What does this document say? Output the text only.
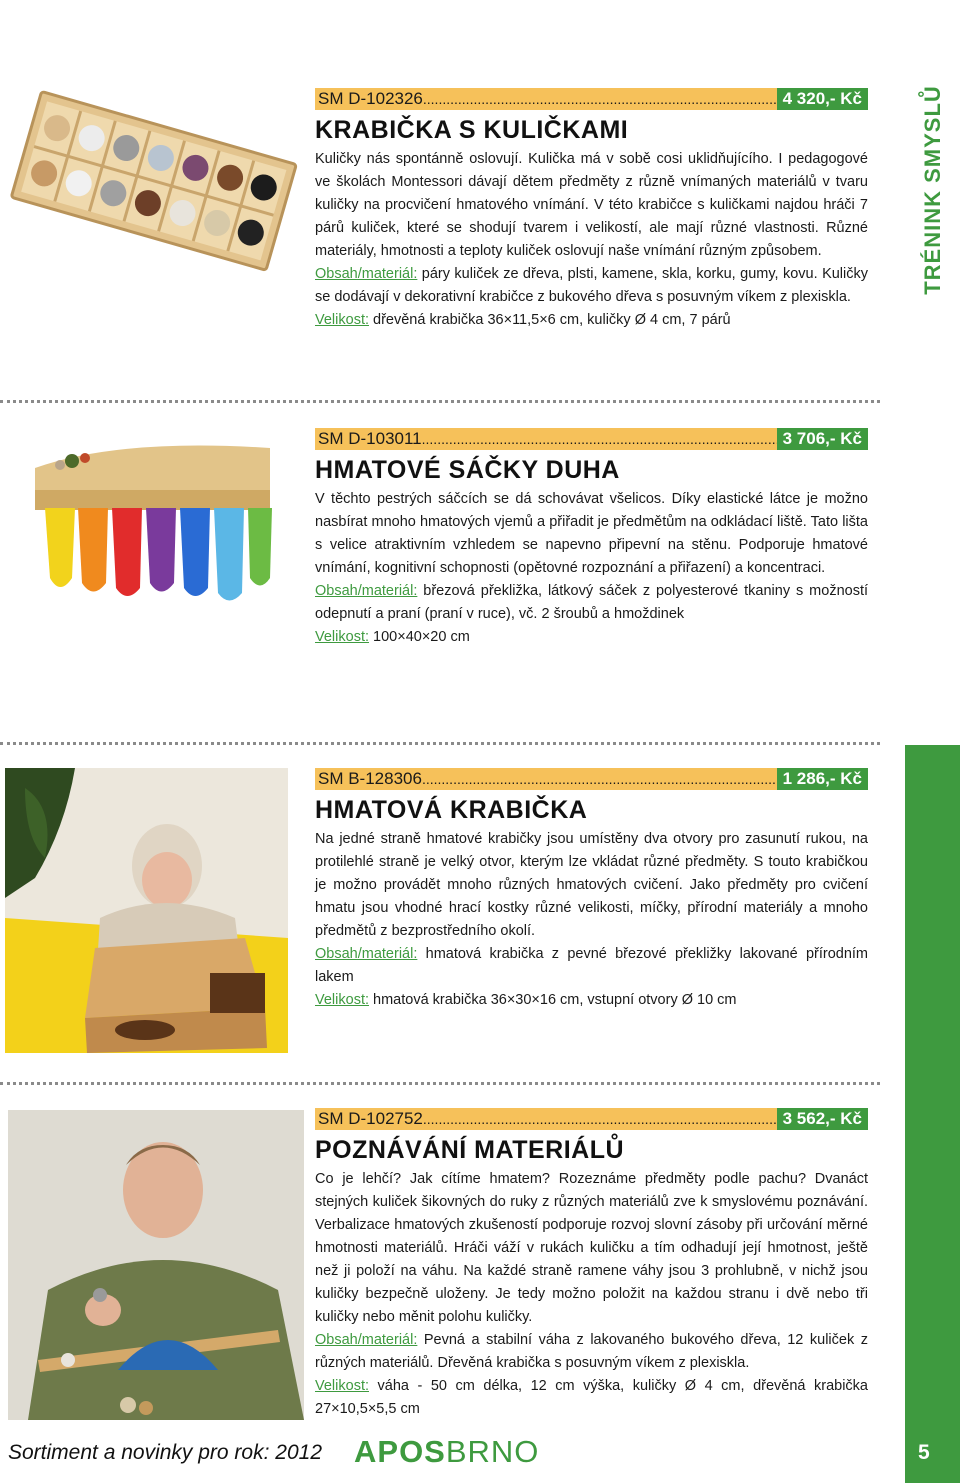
TRÉNINK SMYSLŮ
SM D-102326 .....	4 320,- Kč
KRABIČKA S KULIČKAMI
Kuličky nás spontánně oslovují. Kulička má v sobě cosi uklidňujícího. I pedagogové ve školách Montessori dávají dětem předměty z různě vnímaných materiálů v tvaru kuličky na procvičení hmatového vnímání. V této krabičce s kuličkami najdou hráči 7 párů kuliček, které se shodují tvarem i velikostí, ale mají různé vlastnosti. Různé materiály, hmotnosti a teploty kuliček oslovují naše vnímání různým způsobem.
Obsah/materiál: páry kuliček ze dřeva, plsti, kamene, skla, korku, gumy, kovu. Kuličky se dodávají v dekorativní krabičce z bukového dřeva s posuvným víkem z plexiskla.
Velikost: dřevěná krabička 36×11,5×6 cm, kuličky Ø 4 cm, 7 párů
SM D-103011 .....	3 706,- Kč
HMATOVÉ SÁČKY DUHA
V těchto pestrých sáčcích se dá schovávat všelicos. Díky elastické látce je možno nasbírat mnoho hmatových vjemů a přiřadit je předmětům na odkládací liště. Tato lišta s velice atraktivním vzhledem se napevno připevní na stěnu. Podporuje hmatové vnímání, kognitivní schopnosti (opětovné rozpoznání a přiřazení) a koncentraci.
Obsah/materiál: březová překližka, látkový sáček z polyesterové tkaniny s možností odepnutí a praní (praní v ruce), vč. 2 šroubů a hmoždinek
Velikost: 100×40×20 cm
SM B-128306 .....	1 286,- Kč
HMATOVÁ KRABIČKA
Na jedné straně hmatové krabičky jsou umístěny dva otvory pro zasunutí rukou, na protilehlé straně je velký otvor, kterým lze vkládat různé předměty. S touto krabičkou je možno provádět mnoho různých hmatových cvičení. Jako předměty pro cvičení hmatu jsou vhodné hrací kostky různé velikosti, míčky, přírodní materiály a mnoho předmětů z bezprostředního okolí.
Obsah/materiál: hmatová krabička z pevné březové překližky lakované přírodním lakem
Velikost: hmatová krabička 36×30×16 cm, vstupní otvory Ø 10 cm
SM D-102752 .....	3 562,- Kč
POZNÁVÁNÍ MATERIÁLŮ
Co je lehčí? Jak cítíme hmatem? Rozeznáme předměty podle pachu? Dvanáct stejných kuliček šikovných do ruky z různých materiálů zve k smyslovému poznávání. Verbalizace hmatových zkušeností podporuje rozvoj slovní zásoby při určování měrné hmotnosti materiálů. Hráči váží v rukách kuličku a tím odhadují její hmotnost, ještě než ji položí na váhu. Na každé straně ramene váhy jsou 3 prohlubně, v nichž jsou kuličky bezpečně uloženy. Je tedy možno položit na každou stranu i dvě nebo tři kuličky nebo měnit polohu kuličky.
Obsah/materiál: Pevná a stabilní váha z lakovaného bukového dřeva, 12 kuliček z různých materiálů. Dřevěná krabička s posuvným víkem z plexiskla.
Velikost: váha - 50 cm délka, 12 cm výška, kuličky Ø 4 cm, dřevěná krabička 27×10,5×5,5 cm
Sortiment a novinky pro rok: 2012 APOSBRNO	5
